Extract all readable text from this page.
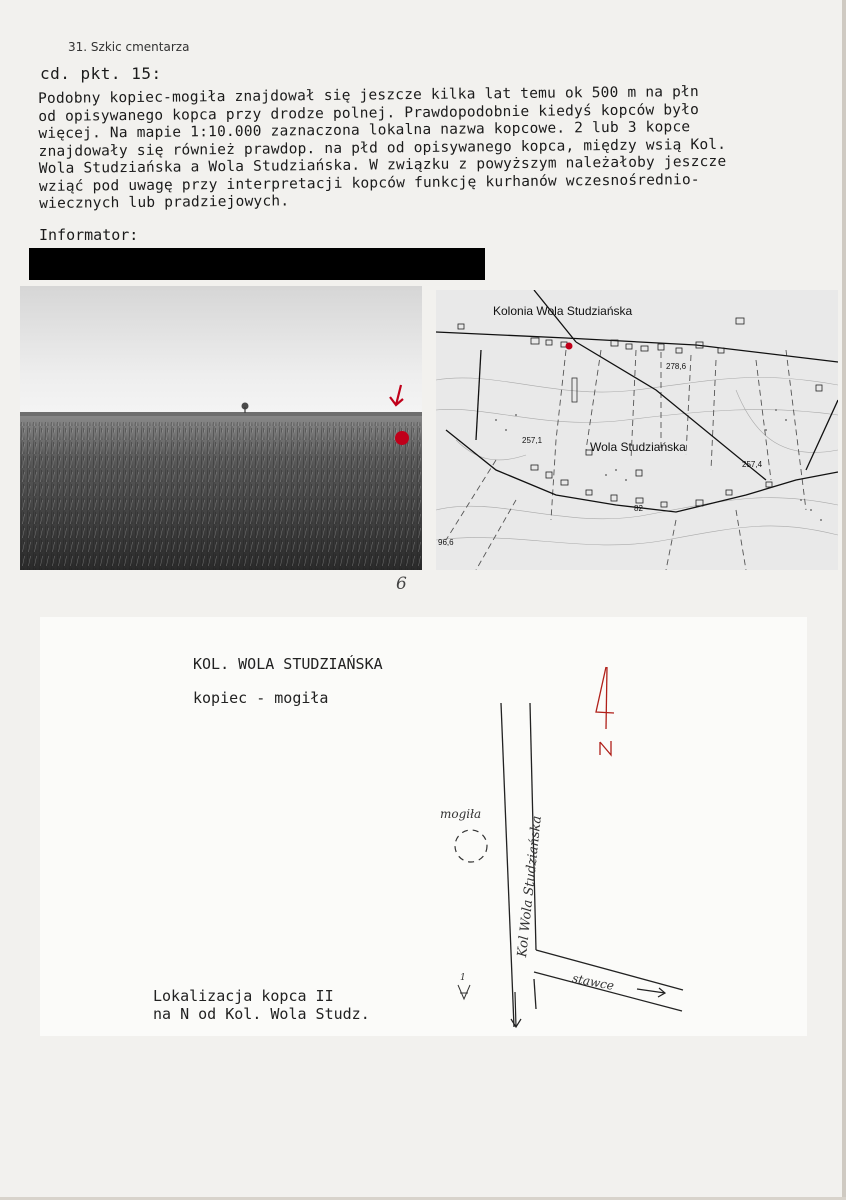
31. Szkic cmentarza
cd. pkt. 15:
Podobny kopiec-mogiła znajdował się jeszcze kilka lat temu ok 500 m na płn
od opisywanego kopca przy drodze polnej. Prawdopodobnie kiedyś kopców było
więcej. Na mapie 1:10.000 zaznaczona lokalna nazwa kopcowe. 2 lub 3 kopce
znajdowały się również prawdop. na płd od opisywanego kopca, między wsią Kol.
Wola Studziańska a Wola Studziańska. W związku z powyższym należałoby jeszcze
wziąć pod uwagę przy interpretacji kopców funkcję kurhanów wczesnośrednio-
wiecznych lub pradziejowych.
Informator:
6
Kolonia Wola Studziańska
Wola Studziańska
278,6
257,1
257,4
96,6
82
KOL. WOLA STUDZIAŃSKA
kopiec - mogiła
mogiła
Kol Wola Studziańska
stawce
1
Lokalizacja kopca II
na N od Kol. Wola Studz.
